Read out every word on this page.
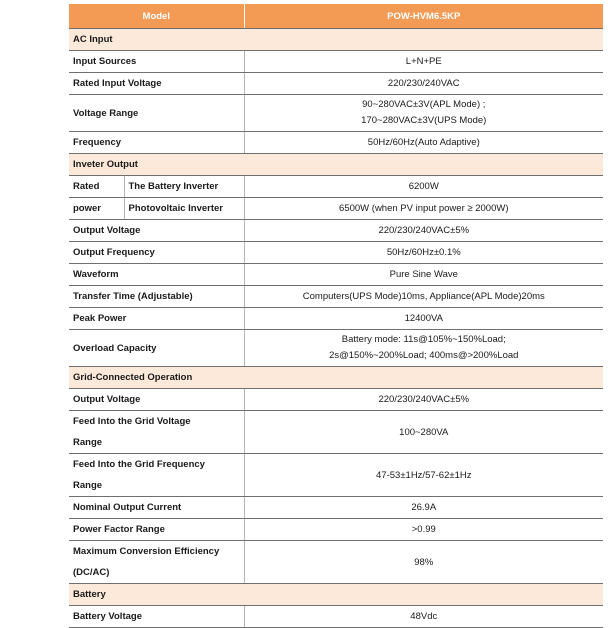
Model		POW-HVM6.5KP
AC Input		
Input Sources		L+N+PE
Rated Input Voltage		220/230/240VAC
Voltage Range		90~280VAC±3V(APL Mode) ;
170~280VAC±3V(UPS Mode)

Frequency		50Hz/60Hz(Auto Adaptive)
Inveter Output		
Rated	The Battery Inverter	6200W
power	Photovoltaic Inverter	6500W (when PV input power ≥ 2000W)
Output Voltage		220/230/240VAC±5%
Output Frequency		50Hz/60Hz±0.1%
Waveform		Pure Sine Wave
Transfer Time (Adjustable)		Computers(UPS Mode)10ms, Appliance(APL Mode)20ms
Peak Power		12400VA
Overload Capacity		Battery mode: 11s@105%~150%Load;
2s@150%~200%Load; 400ms@>200%Load

Grid-Connected Operation		
Output Voltage		220/230/240VAC±5%

Feed Into the Grid Voltage
Range		100~280VA

Feed Into the Grid Frequency
Range		47-53±1Hz/57-62±1Hz
Nominal Output Current		26.9A
Power Factor Range		>0.99

Maximum Conversion Efficiency
(DC/AC)		98%
Battery		
Battery Voltage		48Vdc
